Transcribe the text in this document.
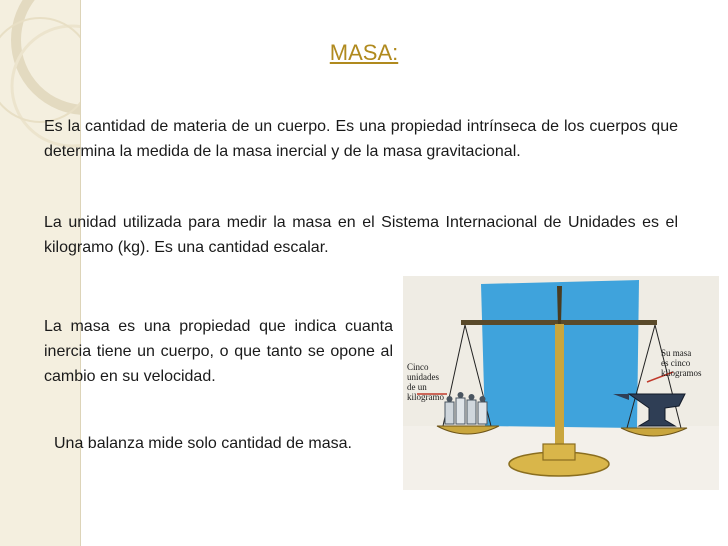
MASA:
Es la cantidad de materia de un cuerpo. Es una propiedad intrínseca de los cuerpos que determina la medida de la masa inercial y de la masa gravitacional.
La unidad utilizada para medir la masa en el Sistema Internacional de Unidades es el kilogramo (kg). Es una cantidad escalar.
La masa es una propiedad que indica cuanta inercia tiene un cuerpo, o que tanto se opone al cambio en su velocidad.
Una balanza mide solo cantidad de masa.
Cinco
unidades
de un
kilogramo
Su masa
es cinco
kilogramos
